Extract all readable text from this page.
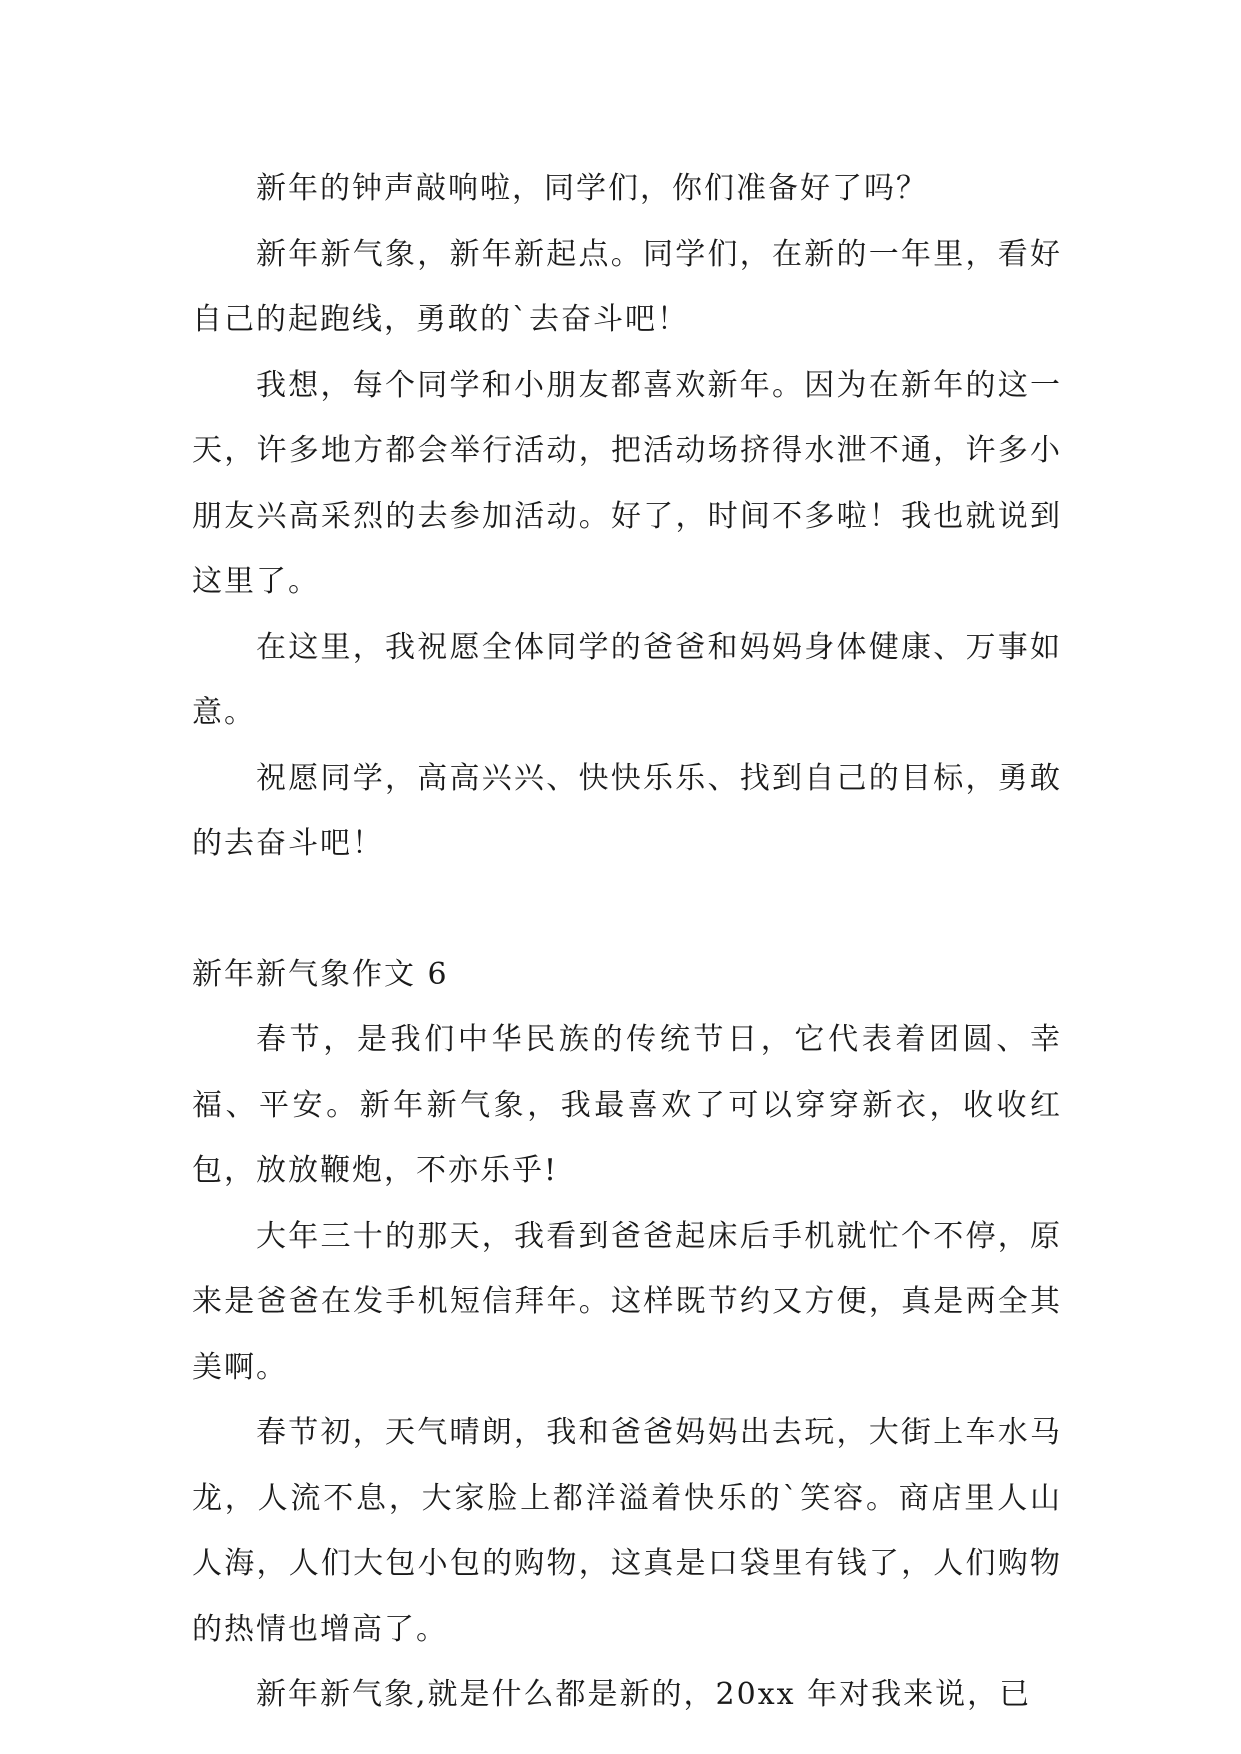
新年的钟声敲响啦，同学们，你们准备好了吗？

新年新气象，新年新起点。同学们，在新的一年里，看好自己的起跑线，勇敢的`去奋斗吧！

我想，每个同学和小朋友都喜欢新年。因为在新年的这一天，许多地方都会举行活动，把活动场挤得水泄不通，许多小朋友兴高采烈的去参加活动。好了，时间不多啦！我也就说到这里了。

在这里，我祝愿全体同学的爸爸和妈妈身体健康、万事如意。

祝愿同学，高高兴兴、快快乐乐、找到自己的目标，勇敢的去奋斗吧！

新年新气象作文 6

春节，是我们中华民族的传统节日，它代表着团圆、幸福、平安。新年新气象，我最喜欢了可以穿穿新衣，收收红包，放放鞭炮，不亦乐乎!

大年三十的那天，我看到爸爸起床后手机就忙个不停，原来是爸爸在发手机短信拜年。这样既节约又方便，真是两全其美啊。

春节初，天气晴朗，我和爸爸妈妈出去玩，大街上车水马龙，人流不息，大家脸上都洋溢着快乐的`笑容。商店里人山人海，人们大包小包的购物，这真是口袋里有钱了，人们购物的热情也增高了。

新年新气象,就是什么都是新的，20xx 年对我来说，已
